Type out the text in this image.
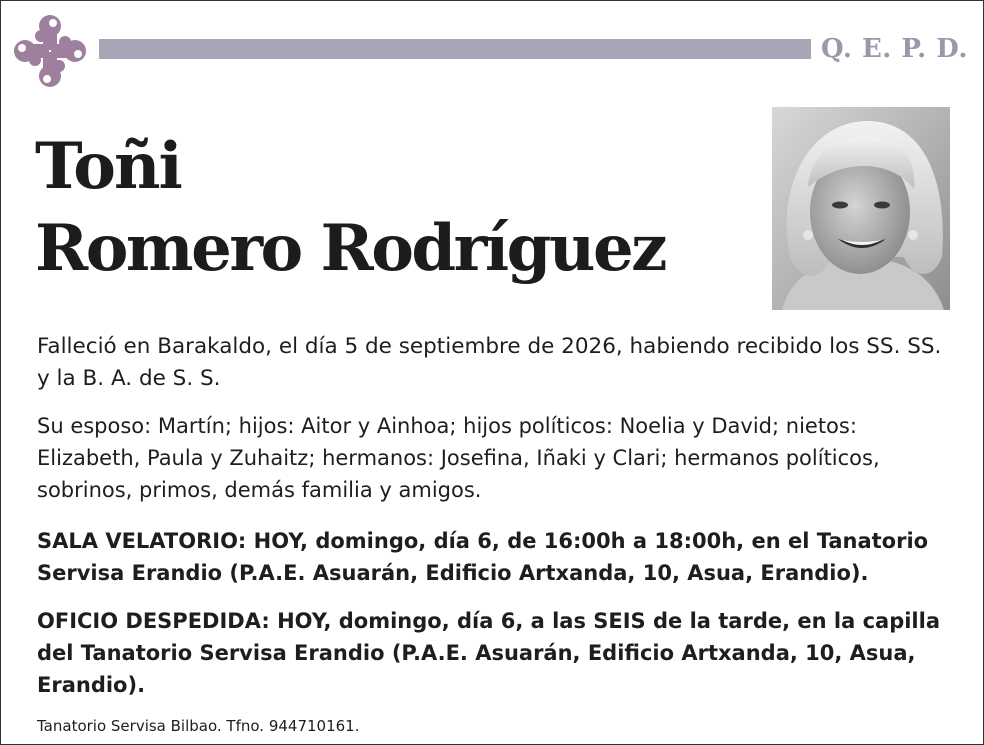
Q. E. P. D.
Toñi
Romero Rodríguez
Falleció en Barakaldo, el día 5 de septiembre de 2026, habiendo recibido los SS. SS. y la B. A. de S. S.
Su esposo: Martín; hijos: Aitor y Ainhoa; hijos políticos: Noelia y David; nietos: Elizabeth, Paula y Zuhaitz; hermanos: Josefina, Iñaki y Clari; hermanos políticos, sobrinos, primos, demás familia y amigos.
SALA VELATORIO: HOY, domingo, día 6, de 16:00h a 18:00h, en el Tanatorio Servisa Erandio (P.A.E. Asuarán, Edificio Artxanda, 10, Asua, Erandio).
OFICIO DESPEDIDA: HOY, domingo, día 6, a las SEIS de la tarde, en la capilla del Tanatorio Servisa Erandio (P.A.E. Asuarán, Edificio Artxanda, 10, Asua, Erandio).
Tanatorio Servisa Bilbao. Tfno. 944710161.
